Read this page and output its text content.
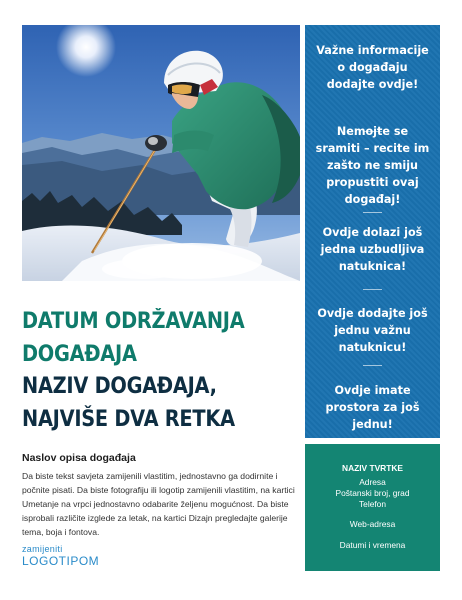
Važne informacije o događaju dodajte ovdje!
Nemojte se sramiti – recite im zašto ne smiju propustiti ovaj događaj!
Ovdje dolazi još jedna uzbudljiva natuknica!
Ovdje dodajte još jednu važnu natuknicu!
Ovdje imate prostora za još jednu!
DATUM ODRŽAVANJA
DOGAĐAJA
NAZIV DOGAĐAJA,
NAJVIŠE DVA RETKA
Naslov opisa događaja
Da biste tekst savjeta zamijenili vlastitim, jednostavno ga dodirnite i počnite pisati. Da biste fotografiju ili logotip zamijenili vlastitim, na kartici Umetanje na vrpci jednostavno odabarite željenu mogućnost. Da biste isprobali različite izglede za letak, na kartici Dizajn pregledajte galerije tema, boja i fontova.
zamijeniti
LOGOTIPOM
NAZIV TVRTKE
Adresa
Poštanski broj, grad
Telefon
Web-adresa
Datumi i vremena
